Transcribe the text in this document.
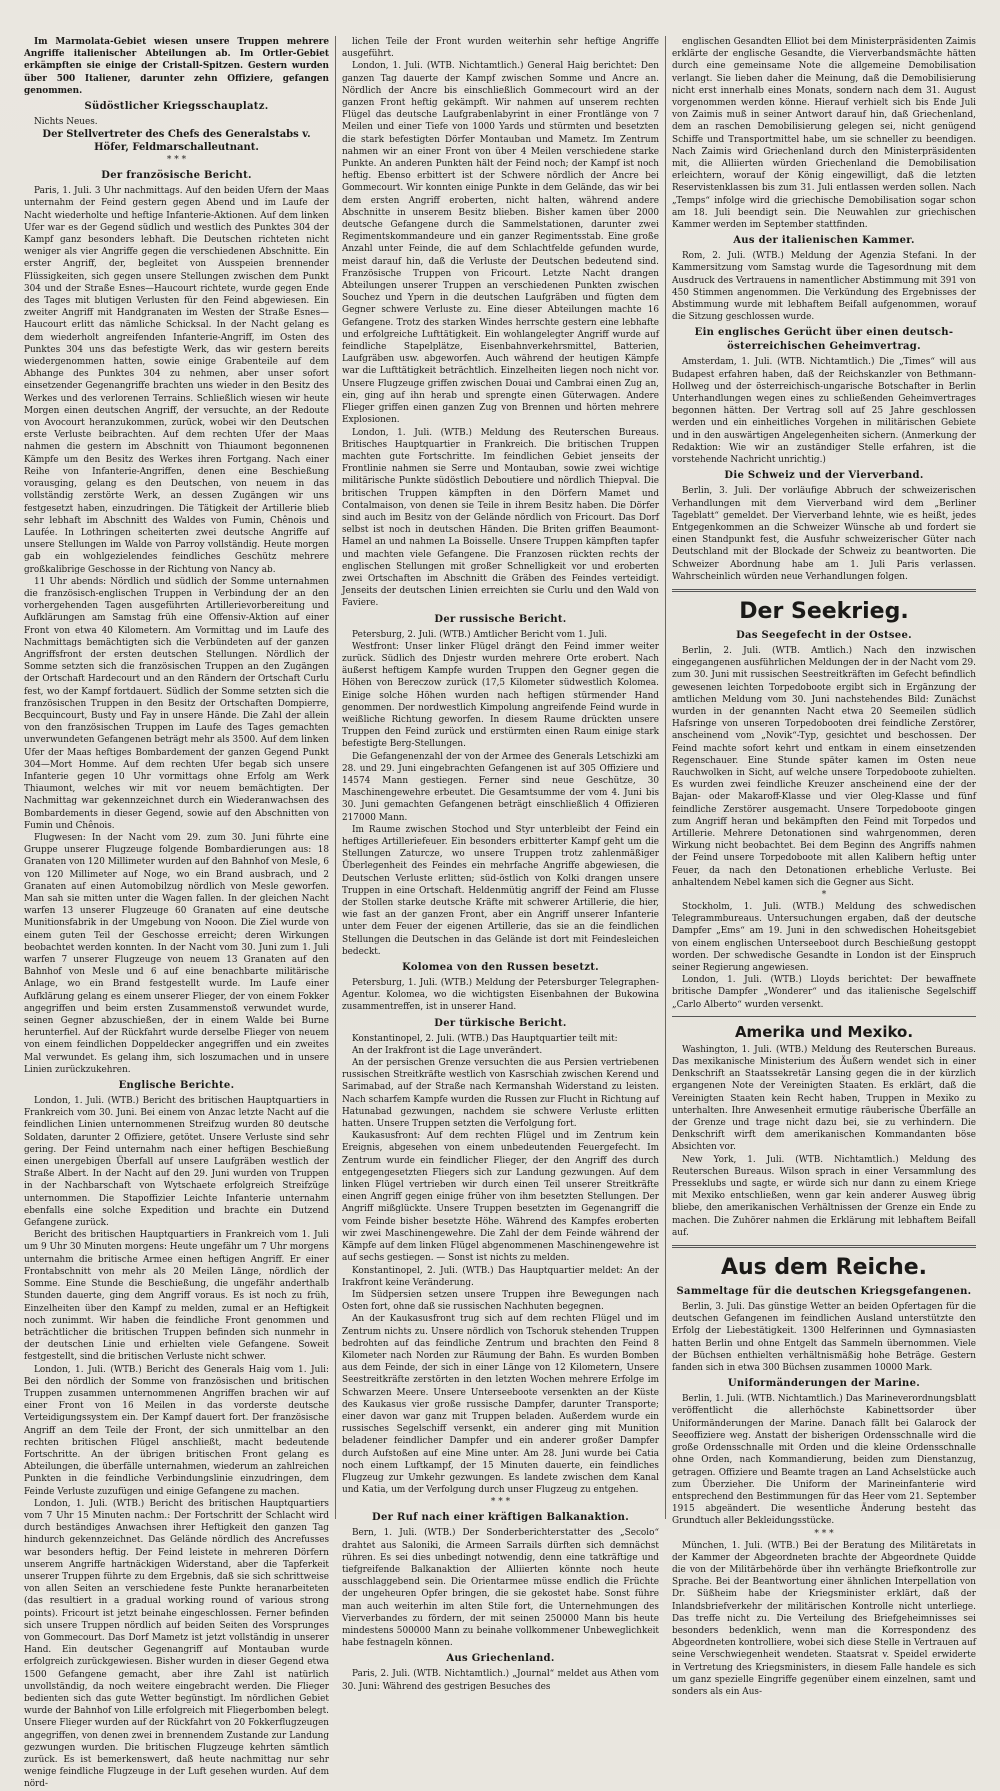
Im Marmolata-Gebiet wiesen unsere Truppen mehrere Angriffe italienischer Abteilungen ab. Im Ortler-Gebiet erkämpften sie einige der Cristall-Spitzen. Gestern wurden über 500 Italiener, darunter zehn Offiziere, gefangen genommen.

Südöstlicher Kriegsschauplatz.

Nichts Neues.

Der Stellvertreter des Chefs des Generalstabs v. Höfer, Feldmarschalleutnant.
* * *
Der französische Bericht.

Paris, 1. Juli. 3 Uhr nachmittags. Auf den beiden Ufern der Maas unternahm der Feind gestern gegen Abend und im Laufe der Nacht wiederholte und heftige Infanterie-Aktionen. Auf dem linken Ufer war es der Gegend südlich und westlich des Punktes 304 der Kampf ganz besonders lebhaft. Die Deutschen richteten nicht weniger als vier Angriffe gegen die verschiedenen Abschnitte. Ein erster Angriff, der, begleitet von Ausspeien brennender Flüssigkeiten, sich gegen unsere Stellungen zwischen dem Punkt 304 und der Straße Esnes—Haucourt richtete, wurde gegen Ende des Tages mit blutigen Verlusten für den Feind abgewiesen. Ein zweiter Angriff mit Handgranaten im Westen der Straße Esnes—Haucourt erlitt das nämliche Schicksal. In der Nacht gelang es dem wiederholt angreifenden Infanterie-Angriff, im Osten des Punktes 304 uns das befestigte Werk, das wir gestern bereits wiedergenommen hatten, sowie einige Grabenteile auf dem Abhange des Punktes 304 zu nehmen, aber unser sofort einsetzender Gegenangriffe brachten uns wieder in den Besitz des Werkes und des verlorenen Terrains. Schließlich wiesen wir heute Morgen einen deutschen Angriff, der versuchte, an der Redoute von Avocourt heranzukommen, zurück, wobei wir den Deutschen erste Verluste beibrachten. Auf dem rechten Ufer der Maas nahmen die gestern im Abschnitt von Thiaumont begonnenen Kämpfe um den Besitz des Werkes ihren Fortgang. Nach einer Reihe von Infanterie-Angriffen, denen eine Beschießung vorausging, gelang es den Deutschen, von neuem in das vollständig zerstörte Werk, an dessen Zugängen wir uns festgesetzt haben, einzudringen. Die Tätigkeit der Artillerie blieb sehr lebhaft im Abschnitt des Waldes von Fumin, Chênois und Laufée. In Lothringen scheiterten zwei deutsche Angriffe auf unsere Stellungen im Walde von Parroy vollständig. Heute morgen gab ein wohlgezielendes feindliches Geschütz mehrere großkalibrige Geschosse in der Richtung von Nancy ab.

11 Uhr abends: Nördlich und südlich der Somme unternahmen die französisch-englischen Truppen in Verbindung der an den vorhergehenden Tagen ausgeführten Artillerievorbereitung und Aufklärungen am Samstag früh eine Offensiv-Aktion auf einer Front von etwa 40 Kilometern. Am Vormittag und im Laufe des Nachmittags bemächtigten sich die Verbündeten auf der ganzen Angriffsfront der ersten deutschen Stellungen. Nördlich der Somme setzten sich die französischen Truppen an den Zugängen der Ortschaft Hardecourt und an den Rändern der Ortschaft Curlu fest, wo der Kampf fortdauert. Südlich der Somme setzten sich die französischen Truppen in den Besitz der Ortschaften Dompierre, Becquincourt, Busty und Fay in unsere Hände. Die Zahl der allein von den französischen Truppen im Laufe des Tages gemachten unverwundeten Gefangenen beträgt mehr als 3500. Auf dem linken Ufer der Maas heftiges Bombardement der ganzen Gegend Punkt 304—Mort Homme. Auf dem rechten Ufer begab sich unsere Infanterie gegen 10 Uhr vormittags ohne Erfolg am Werk Thiaumont, welches wir mit vor neuem bemächtigten. Der Nachmittag war gekennzeichnet durch ein Wiederanwachsen des Bombardements in dieser Gegend, sowie auf den Abschnitten von Fumin und Chênois.

Flugwesen: In der Nacht vom 29. zum 30. Juni führte eine Gruppe unserer Flugzeuge folgende Bombardierungen aus: 18 Granaten von 120 Millimeter wurden auf den Bahnhof von Mesle, 6 von 120 Millimeter auf Noge, wo ein Brand ausbrach, und 2 Granaten auf einen Automobilzug nördlich von Mesle geworfen. Man sah sie mitten unter die Wagen fallen. In der gleichen Nacht warfen 13 unserer Flugzeuge 60 Granaten auf eine deutsche Munitionsfabrik in der Umgebung von Nooon. Die Ziel wurde von einem guten Teil der Geschosse erreicht; deren Wirkungen beobachtet werden konnten. In der Nacht vom 30. Juni zum 1. Juli warfen 7 unserer Flugzeuge von neuem 13 Granaten auf den Bahnhof von Mesle und 6 auf eine benachbarte militärische Anlage, wo ein Brand festgestellt wurde. Im Laufe einer Aufklärung gelang es einem unserer Flieger, der von einem Fokker angegriffen und beim ersten Zusammenstoß verwundet wurde, seinen Gegner abzuschießen, der in einem Walde bei Burne herunterfiel. Auf der Rückfahrt wurde derselbe Flieger von neuem von einem feindlichen Doppeldecker angegriffen und ein zweites Mal verwundet. Es gelang ihm, sich loszumachen und in unsere Linien zurückzukehren.

Englische Berichte.

London, 1. Juli. (WTB.) Bericht des britischen Hauptquartiers in Frankreich vom 30. Juni. Bei einem von Anzac letzte Nacht auf die feindlichen Linien unternommenen Streifzug wurden 80 deutsche Soldaten, darunter 2 Offiziere, getötet. Unsere Verluste sind sehr gering. Der Feind unternahm nach einer heftigen Beschießung einen unergebigen Überfall auf unsere Laufgräben westlich der Straße Albert. In der Nacht auf den 29. Juni wurden von Truppen in der Nachbarschaft von Wytschaete erfolgreich Streifzüge unternommen. Die Stapoffizier Leichte Infanterie unternahm ebenfalls eine solche Expedition und brachte ein Dutzend Gefangene zurück.

Bericht des britischen Hauptquartiers in Frankreich vom 1. Juli um 9 Uhr 30 Minuten morgens: Heute ungefähr um 7 Uhr morgens unternahm die britische Armee einen heftigen Angriff. Er einer Frontabschnitt von mehr als 20 Meilen Länge, nördlich der Somme. Eine Stunde die Beschießung, die ungefähr anderthalb Stunden dauerte, ging dem Angriff voraus. Es ist noch zu früh, Einzelheiten über den Kampf zu melden, zumal er an Heftigkeit noch zunimmt. Wir haben die feindliche Front genommen und beträchtlicher die britischen Truppen befinden sich nunmehr in der deutschen Linie und erhielten viele Gefangene. Soweit festgestellt, sind die britischen Verluste nicht schwer.

London, 1. Juli. (WTB.) Bericht des Generals Haig vom 1. Juli: Bei den nördlich der Somme von französischen und britischen Truppen zusammen unternommenen Angriffen brachen wir auf einer Front von 16 Meilen in das vorderste deutsche Verteidigungssystem ein. Der Kampf dauert fort. Der französische Angriff an dem Teile der Front, der sich unmittelbar an den rechten britischen Flügel anschließt, macht bedeutende Fortschritte. An der übrigen britischen Front gelang es Abteilungen, die überfälle unternahmen, wiederum an zahlreichen Punkten in die feindliche Verbindungslinie einzudringen, dem Feinde Verluste zuzufügen und einige Gefangene zu machen.

London, 1. Juli. (WTB.) Bericht des britischen Hauptquartiers vom 7 Uhr 15 Minuten nachm.: Der Fortschritt der Schlacht wird durch beständiges Anwachsen ihrer Heftigkeit den ganzen Tag hindurch gekennzeichnet. Das Gelände nördlich des Ancrefusses war besonders heftig. Der Feind leistete in mehreren Dörfern unserem Angriffe hartnäckigen Widerstand, aber die Tapferkeit unserer Truppen führte zu dem Ergebnis, daß sie sich schrittweise von allen Seiten an verschiedene feste Punkte heranarbeiteten (das resultiert in a gradual working round of various strong points). Fricourt ist jetzt beinahe eingeschlossen. Ferner befinden sich unsere Truppen nördlich auf beiden Seiten des Vorsprunges von Gommecourt. Das Dorf Mametz ist jetzt vollständig in unserer Hand. Ein deutscher Gegenangriff auf Montauban wurde erfolgreich zurückgewiesen. Bisher wurden in dieser Gegend etwa 1500 Gefangene gemacht, aber ihre Zahl ist natürlich unvollständig, da noch weitere eingebracht werden. Die Flieger bedienten sich das gute Wetter begünstigt. Im nördlichen Gebiet wurde der Bahnhof von Lille erfolgreich mit Fliegerbomben belegt. Unsere Flieger wurden auf der Rückfahrt von 20 Fokkerflugzeugen angegriffen, von denen zwei in brennendem Zustande zur Landung gezwungen wurden. Die britischen Flugzeuge kehrten sämtlich zurück. Es ist bemerkenswert, daß heute nachmittag nur sehr wenige feindliche Flugzeuge in der Luft gesehen wurden. Auf dem nörd-

lichen Teile der Front wurden weiterhin sehr heftige Angriffe ausgeführt.

London, 1. Juli. (WTB. Nichtamtlich.) General Haig berichtet: Den ganzen Tag dauerte der Kampf zwischen Somme und Ancre an. Nördlich der Ancre bis einschließlich Gommecourt wird an der ganzen Front heftig gekämpft. Wir nahmen auf unserem rechten Flügel das deutsche Laufgrabenlabyrint in einer Frontlänge von 7 Meilen und einer Tiefe von 1000 Yards und stürmten und besetzten die stark befestigten Dörfer Montauban und Mametz. Im Zentrum nahmen wir an einer Front von über 4 Meilen verschiedene starke Punkte. An anderen Punkten hält der Feind noch; der Kampf ist noch heftig. Ebenso erbittert ist der Schwere nördlich der Ancre bei Gommecourt. Wir konnten einige Punkte in dem Gelände, das wir bei dem ersten Angriff eroberten, nicht halten, während andere Abschnitte in unserem Besitz blieben. Bisher kamen über 2000 deutsche Gefangene durch die Sammelstationen, darunter zwei Regimentskommandeure und ein ganzer Regimentsstab. Eine große Anzahl unter Feinde, die auf dem Schlachtfelde gefunden wurde, meist darauf hin, daß die Verluste der Deutschen bedeutend sind. Französische Truppen von Fricourt. Letzte Nacht drangen Abteilungen unserer Truppen an verschiedenen Punkten zwischen Souchez und Ypern in die deutschen Laufgräben und fügten dem Gegner schwere Verluste zu. Eine dieser Abteilungen machte 16 Gefangene. Trotz des starken Windes herrschte gestern eine lebhafte und erfolgreiche Lufttätigkeit. Ein wohlangelegter Angriff wurde auf feindliche Stapelplätze, Eisenbahnverkehrsmittel, Batterien, Laufgräben usw. abgeworfen. Auch während der heutigen Kämpfe war die Lufttätigkeit beträchtlich. Einzelheiten liegen noch nicht vor. Unsere Flugzeuge griffen zwischen Douai und Cambrai einen Zug an, ein, ging auf ihn herab und sprengte einen Güterwagen. Andere Flieger griffen einen ganzen Zug von Brennen und hörten mehrere Explosionen.

London, 1. Juli. (WTB.) Meldung des Reuterschen Bureaus. Britisches Hauptquartier in Frankreich. Die britischen Truppen machten gute Fortschritte. Im feindlichen Gebiet jenseits der Frontlinie nahmen sie Serre und Montauban, sowie zwei wichtige militärische Punkte südöstlich Deboutiere und nördlich Thiepval. Die britischen Truppen kämpften in den Dörfern Mamet und Contalmaison, von denen sie Teile in ihrem Besitz haben. Die Dörfer sind auch im Besitz von der Gelände nördlich von Fricourt. Das Dorf selbst ist noch in deutschen Händen. Die Briten griffen Beaumont-Hamel an und nahmen La Boisselle. Unsere Truppen kämpften tapfer und machten viele Gefangene. Die Franzosen rückten rechts der englischen Stellungen mit großer Schnelligkeit vor und eroberten zwei Ortschaften im Abschnitt die Gräben des Feindes verteidigt. Jenseits der deutschen Linien erreichten sie Curlu und den Wald von Faviere.

Der russische Bericht.

Petersburg, 2. Juli. (WTB.) Amtlicher Bericht vom 1. Juli.

Westfront: Unser linker Flügel drängt den Feind immer weiter zurück. Südlich des Dnjestr wurden mehrere Orte erobert. Nach äußerst heftigem Kampfe wurden Truppen den Gegner gegen die Höhen von Bereczow zurück (17,5 Kilometer südwestlich Kolomea. Einige solche Höhen wurden nach heftigen stürmender Hand genommen. Der nordwestlich Kimpolung angreifende Feind wurde in weißliche Richtung geworfen. In diesem Raume drückten unsere Truppen den Feind zurück und erstürmten einen Raum einige stark befestigte Berg-Stellungen.

Die Gefangenenzahl der von der Armee des Generals Letschizki am 28. und 29. Juni eingebrachten Gefangenen ist auf 305 Offiziere und 14574 Mann gestiegen. Ferner sind neue Geschütze, 30 Maschinengewehre erbeutet. Die Gesamtsumme der vom 4. Juni bis 30. Juni gemachten Gefangenen beträgt einschließlich 4 Offizieren 217000 Mann.

Im Raume zwischen Stochod und Styr unterbleibt der Feind ein heftiges Artilleriefeuer. Ein besonders erbitterter Kampf geht um die Stellungen Zaturcze, wo unsere Truppen trotz zahlenmäßiger Überlegenheit des Feindes ein mehrfache Angriffe abgewiesen, die Deutschen Verluste erlitten; süd-östlich von Kolki drangen unsere Truppen in eine Ortschaft. Heldenmütig angriff der Feind am Flusse der Stollen starke deutsche Kräfte mit schwerer Artillerie, die hier, wie fast an der ganzen Front, aber ein Angriff unserer Infanterie unter dem Feuer der eigenen Artillerie, das sie an die feindlichen Stellungen die Deutschen in das Gelände ist dort mit Feindesleichen bedeckt.

Kolomea von den Russen besetzt.

Petersburg, 1. Juli. (WTB.) Meldung der Petersburger Telegraphen-Agentur. Kolomea, wo die wichtigsten Eisenbahnen der Bukowina zusammentreffen, ist in unserer Hand.

Der türkische Bericht.

Konstantinopel, 2. Juli. (WTB.) Das Hauptquartier teilt mit:

An der Irakfront ist die Lage unverändert.

An der persischen Grenze versuchten die aus Persien vertriebenen russischen Streitkräfte westlich von Kasrschiah zwischen Kerend und Sarimabad, auf der Straße nach Kermanshah Widerstand zu leisten. Nach scharfem Kampfe wurden die Russen zur Flucht in Richtung auf Hatunabad gezwungen, nachdem sie schwere Verluste erlitten hatten. Unsere Truppen setzten die Verfolgung fort.

Kaukasusfront: Auf dem rechten Flügel und im Zentrum kein Ereignis, abgesehen von einem unbedeutenden Feuergefecht. Im Zentrum wurde ein feindlicher Flieger, der den Angriff des durch entgegengesetzten Fliegers sich zur Landung gezwungen. Auf dem linken Flügel vertrieben wir durch einen Teil unserer Streitkräfte einen Angriff gegen einige früher von ihm besetzten Stellungen. Der Angriff mißglückte. Unsere Truppen besetzten im Gegenangriff die vom Feinde bisher besetzte Höhe. Während des Kampfes eroberten wir zwei Maschinengewehre. Die Zahl der dem Feinde während der Kämpfe auf dem linken Flügel abgenommenen Maschinengewehre ist auf sechs gestiegen. — Sonst ist nichts zu melden.

Konstantinopel, 2. Juli. (WTB.) Das Hauptquartier meldet: An der Irakfront keine Veränderung.

Im Südpersien setzen unsere Truppen ihre Bewegungen nach Osten fort, ohne daß sie russischen Nachhuten begegnen.

An der Kaukasusfront trug sich auf dem rechten Flügel und im Zentrum nichts zu. Unsere nördlich von Tschoruk stehenden Truppen bedrohten auf das feindliche Zentrum und brachten den Feind 8 Kilometer nach Norden zur Räumung der Bahn. Es wurden Bomben aus dem Feinde, der sich in einer Länge von 12 Kilometern, Unsere Seestreitkräfte zerstörten in den letzten Wochen mehrere Erfolge im Schwarzen Meere. Unsere Unterseeboote versenkten an der Küste des Kaukasus vier große russische Dampfer, darunter Transporte; einer davon war ganz mit Truppen beladen. Außerdem wurde ein russisches Segelschiff versenkt, ein anderer ging mit Munition beladener feindlicher Dampfer und ein anderer großer Dampfer durch Aufstoßen auf eine Mine unter. Am 28. Juni wurde bei Catia noch einem Luftkampf, der 15 Minuten dauerte, ein feindliches Flugzeug zur Umkehr gezwungen. Es landete zwischen dem Kanal und Katia, um der Verfolgung durch unser Flugzeug zu entgehen.

* * *
Der Ruf nach einer kräftigen Balkanaktion.

Bern, 1. Juli. (WTB.) Der Sonderberichterstatter des „Secolo“ drahtet aus Saloniki, die Armeen Sarrails dürften sich demnächst rühren. Es sei dies unbedingt notwendig, denn eine tatkräftige und tiefgreifende Balkanaktion der Alliierten könnte noch heute ausschlaggebend sein. Die Orientarmee müsse endlich die Früchte der ungeheuren Opfer bringen, die sie gekostet habe. Sonst führe man auch weiterhin im alten Stile fort, die Unternehmungen des Vierverbandes zu fördern, der mit seinen 250000 Mann bis heute mindestens 500000 Mann zu beinahe vollkommener Unbeweglichkeit habe festnageln können.

Aus Griechenland.

Paris, 2. Juli. (WTB. Nichtamtlich.) „Journal“ meldet aus Athen vom 30. Juni: Während des gestrigen Besuches des

englischen Gesandten Elliot bei dem Ministerpräsidenten Zaimis erklärte der englische Gesandte, die Vierverbandsmächte hätten durch eine gemeinsame Note die allgemeine Demobilisation verlangt. Sie lieben daher die Meinung, daß die Demobilisierung nicht erst innerhalb eines Monats, sondern nach dem 31. August vorgenommen werden könne. Hierauf verhielt sich bis Ende Juli von Zaimis muß in seiner Antwort darauf hin, daß Griechenland, dem an raschen Demobilisierung gelegen sei, nicht genügend Schiffe und Transportmittel habe, um sie schneller zu beendigen. Nach Zaimis wird Griechenland durch den Ministerpräsidenten mit, die Alliierten würden Griechenland die Demobilisation erleichtern, worauf der König eingewilligt, daß die letzten Reservistenklassen bis zum 31. Juli entlassen werden sollen. Nach „Temps“ infolge wird die griechische Demobilisation sogar schon am 18. Juli beendigt sein. Die Neuwahlen zur griechischen Kammer werden im September stattfinden.

Aus der italienischen Kammer.

Rom, 2. Juli. (WTB.) Meldung der Agenzia Stefani. In der Kammersitzung vom Samstag wurde die Tagesordnung mit dem Ausdruck des Vertrauens in namentlicher Abstimmung mit 391 von 450 Stimmen angenommen. Die Verkündung des Ergebnisses der Abstimmung wurde mit lebhaftem Beifall aufgenommen, worauf die Sitzung geschlossen wurde.

Ein englisches Gerücht über einen deutsch-österreichischen Geheimvertrag.

Amsterdam, 1. Juli. (WTB. Nichtamtlich.) Die „Times“ will aus Budapest erfahren haben, daß der Reichskanzler von Bethmann-Hollweg und der österreichisch-ungarische Botschafter in Berlin Unterhandlungen wegen eines zu schließenden Geheimvertrages begonnen hätten. Der Vertrag soll auf 25 Jahre geschlossen werden und ein einheitliches Vorgehen in militärischen Gebiete und in den auswärtigen Angelegenheiten sichern. (Anmerkung der Redaktion: Wie wir an zuständiger Stelle erfahren, ist die vorstehende Nachricht unrichtig.)

Die Schweiz und der Vierverband.

Berlin, 3. Juli. Der vorläufige Abbruch der schweizerischen Verhandlungen mit dem Vierverband wird dem „Berliner Tageblatt“ gemeldet. Der Vierverband lehnte, wie es heißt, jedes Entgegenkommen an die Schweizer Wünsche ab und fordert sie einen Standpunkt fest, die Ausfuhr schweizerischer Güter nach Deutschland mit der Blockade der Schweiz zu beantworten. Die Schweizer Abordnung habe am 1. Juli Paris verlassen. Wahrscheinlich würden neue Verhandlungen folgen.

Der Seekrieg.
Das Seegefecht in der Ostsee.

Berlin, 2. Juli. (WTB. Amtlich.) Nach den inzwischen eingegangenen ausführlichen Meldungen der in der Nacht vom 29. zum 30. Juni mit russischen Seestreitkräften im Gefecht befindlich gewesenen leichten Torpedoboote ergibt sich in Ergänzung der amtlichen Meldung vom 30. Juni nachstehendes Bild: Zunächst wurden in der genannten Nacht etwa 20 Seemeilen südlich Hafsringe von unseren Torpedobooten drei feindliche Zerstörer, anscheinend vom „Novik“-Typ, gesichtet und beschossen. Der Feind machte sofort kehrt und entkam in einem einsetzenden Regenschauer. Eine Stunde später kamen im Osten neue Rauchwolken in Sicht, auf welche unsere Torpedoboote zuhielten. Es wurden zwei feindliche Kreuzer anscheinend eine der der Bajan- oder Makaroff-Klasse und vier Oleg-Klasse und fünf feindliche Zerstörer ausgemacht. Unsere Torpedoboote gingen zum Angriff heran und bekämpften den Feind mit Torpedos und Artillerie. Mehrere Detonationen sind wahrgenommen, deren Wirkung nicht beobachtet. Bei dem Beginn des Angriffs nahmen der Feind unsere Torpedoboote mit allen Kalibern heftig unter Feuer, da nach den Detonationen erhebliche Verluste. Bei anhaltendem Nebel kamen sich die Gegner aus Sicht.

*

Stockholm, 1. Juli. (WTB.) Meldung des schwedischen Telegrammbureaus. Untersuchungen ergaben, daß der deutsche Dampfer „Ems“ am 19. Juni in den schwedischen Hoheitsgebiet von einem englischen Unterseeboot durch Beschießung gestoppt worden. Der schwedische Gesandte in London ist der Einspruch seiner Regierung angewiesen.

London, 1. Juli. (WTB.) Lloyds berichtet: Der bewaffnete britische Dampfer „Wonderer“ und das italienische Segelschiff „Carlo Alberto“ wurden versenkt.

Amerika und Mexiko.

Washington, 1. Juli. (WTB.) Meldung des Reuterschen Bureaus. Das mexikanische Ministerium des Äußern wendet sich in einer Denkschrift an Staatssekretär Lansing gegen die in der kürzlich ergangenen Note der Vereinigten Staaten. Es erklärt, daß die Vereinigten Staaten kein Recht haben, Truppen in Mexiko zu unterhalten. Ihre Anwesenheit ermutige räuberische Überfälle an der Grenze und trage nicht dazu bei, sie zu verhindern. Die Denkschrift wirft dem amerikanischen Kommandanten böse Absichten vor.

New York, 1. Juli. (WTB. Nichtamtlich.) Meldung des Reuterschen Bureaus. Wilson sprach in einer Versammlung des Presseklubs und sagte, er würde sich nur dann zu einem Kriege mit Mexiko entschließen, wenn gar kein anderer Ausweg übrig bliebe, den amerikanischen Verhältnissen der Grenze ein Ende zu machen. Die Zuhörer nahmen die Erklärung mit lebhaftem Beifall auf.

Aus dem Reiche.
Sammeltage für die deutschen Kriegsgefangenen.

Berlin, 3. Juli. Das günstige Wetter an beiden Opfertagen für die deutschen Gefangenen im feindlichen Ausland unterstützte den Erfolg der Liebestätigkeit. 1300 Helferinnen und Gymnasiasten hatten Berlin und ohne Entgelt das Sammeln übernommen. Viele der Büchsen enthielten verhältnismäßig hohe Beträge. Gestern fanden sich in etwa 300 Büchsen zusammen 10000 Mark.

Uniformänderungen der Marine.

Berlin, 1. Juli. (WTB. Nichtamtlich.) Das Marineverordnungsblatt veröffentlicht die allerhöchste Kabinettsorder über Uniformänderungen der Marine. Danach fällt bei Galarock der Seeoffiziere weg. Anstatt der bisherigen Ordensschnalle wird die große Ordensschnalle mit Orden und die kleine Ordensschnalle ohne Orden, nach Kommandierung, beiden zum Dienstanzug, getragen. Offiziere und Beamte tragen an Land Achselstücke auch zum Überzieher. Die Uniform der Marineinfanterie wird entsprechend den Bestimmungen für das Heer vom 21. September 1915 abgeändert. Die wesentliche Änderung besteht das Grundtuch aller Bekleidungsstücke.

* * *

München, 1. Juli. (WTB.) Bei der Beratung des Militäretats in der Kammer der Abgeordneten brachte der Abgeordnete Quidde die von der Militärbehörde über ihn verhängte Briefkontrolle zur Sprache. Bei der Beantwortung einer ähnlichen Interpellation von Dr. Süßheim habe der Kriegsminister erklärt, daß der Inlandsbriefverkehr der militärischen Kontrolle nicht unterliege. Das treffe nicht zu. Die Verteilung des Briefgeheimnisses sei besonders bedenklich, wenn man die Korrespondenz des Abgeordneten kontrolliere, wobei sich diese Stelle in Vertrauen auf seine Verschwiegenheit wendeten. Staatsrat v. Speidel erwiderte in Vertretung des Kriegsministers, in diesem Falle handele es sich um ganz spezielle Eingriffe gegenüber einem einzelnen, samt und sonders als ein Aus-
